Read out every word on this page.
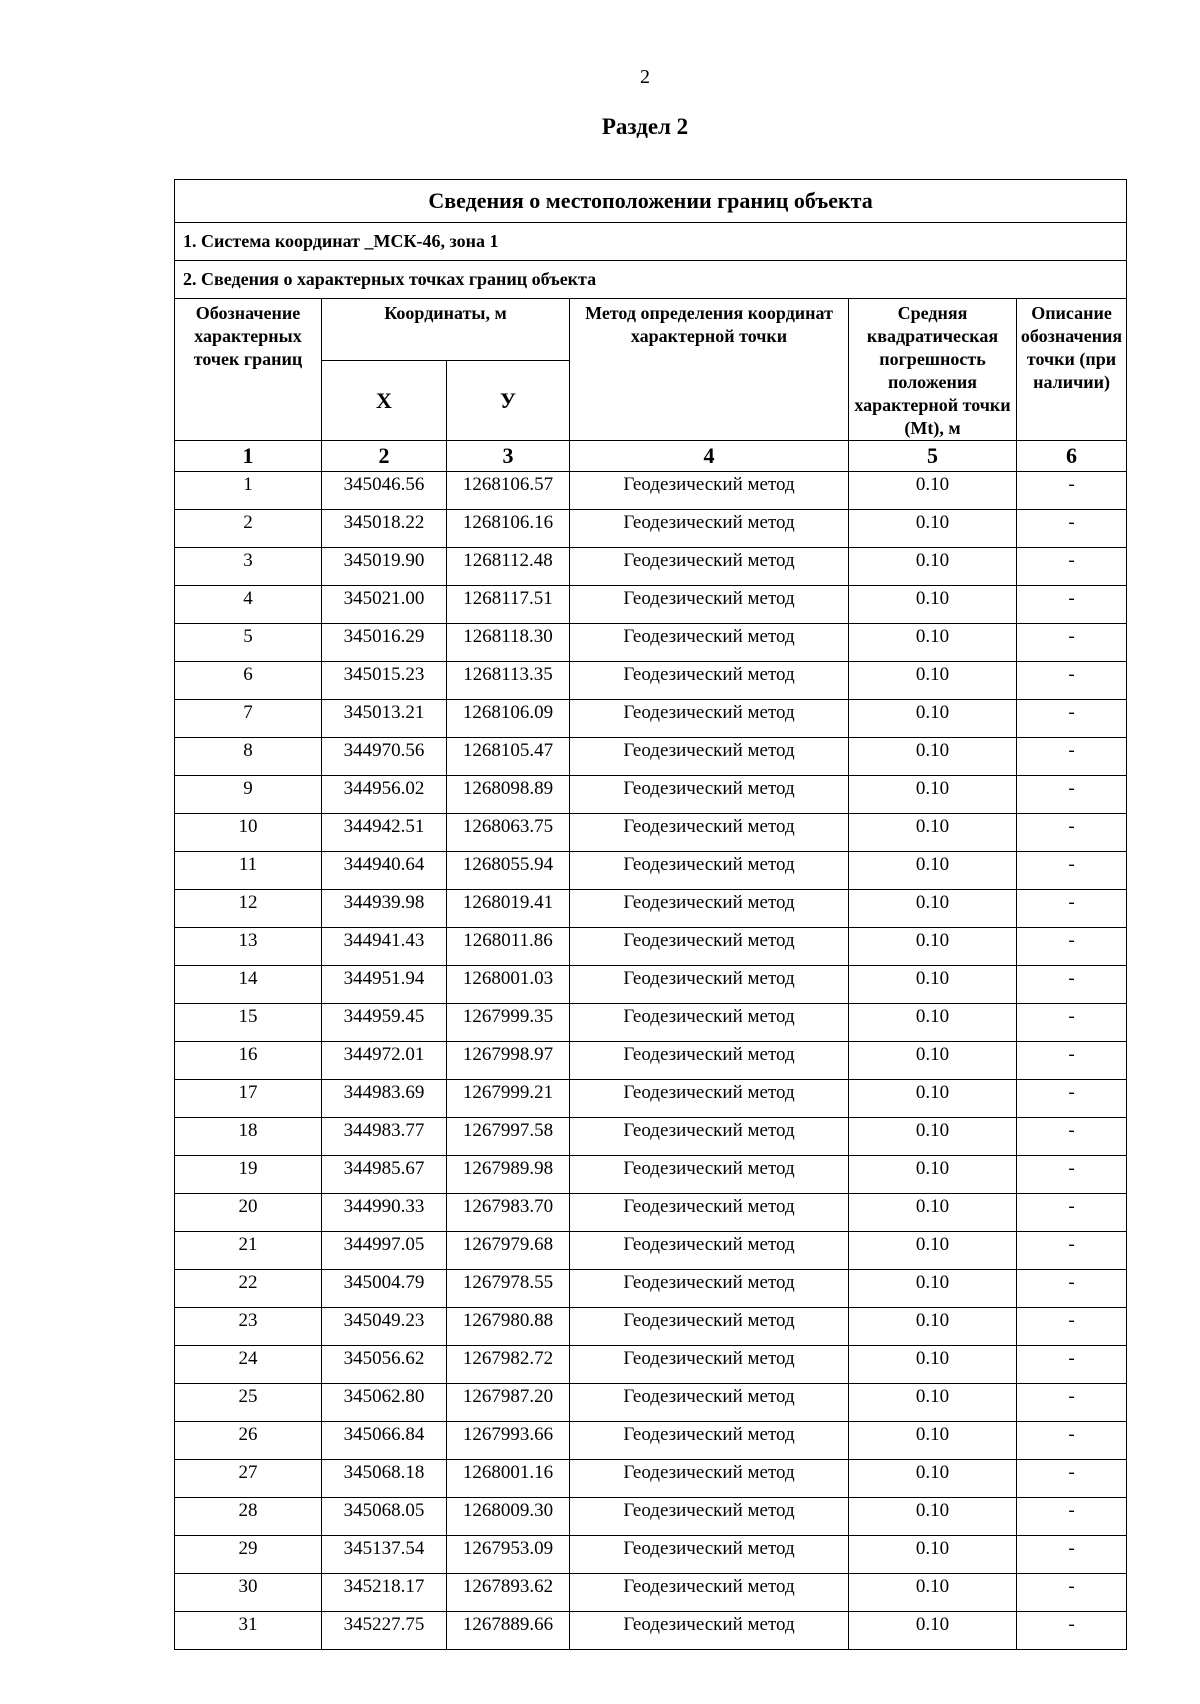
2
Раздел 2
Сведения о местоположении границ объекта					
1. Система координат _МСК-46, зона 1					
2. Сведения о характерных точках границ объекта					
Обозначение характерных точек границ	Координаты, м		Метод определения координат характерной точки	Средняя квадратическая погрешность положения характерной точки (Mt), м	Описание обозначения точки (при наличии)
	X	У			
1	2	3	4	5	6
1	345046.56	1268106.57	Геодезический метод	0.10	-
2	345018.22	1268106.16	Геодезический метод	0.10	-
3	345019.90	1268112.48	Геодезический метод	0.10	-
4	345021.00	1268117.51	Геодезический метод	0.10	-
5	345016.29	1268118.30	Геодезический метод	0.10	-
6	345015.23	1268113.35	Геодезический метод	0.10	-
7	345013.21	1268106.09	Геодезический метод	0.10	-
8	344970.56	1268105.47	Геодезический метод	0.10	-
9	344956.02	1268098.89	Геодезический метод	0.10	-
10	344942.51	1268063.75	Геодезический метод	0.10	-
11	344940.64	1268055.94	Геодезический метод	0.10	-
12	344939.98	1268019.41	Геодезический метод	0.10	-
13	344941.43	1268011.86	Геодезический метод	0.10	-
14	344951.94	1268001.03	Геодезический метод	0.10	-
15	344959.45	1267999.35	Геодезический метод	0.10	-
16	344972.01	1267998.97	Геодезический метод	0.10	-
17	344983.69	1267999.21	Геодезический метод	0.10	-
18	344983.77	1267997.58	Геодезический метод	0.10	-
19	344985.67	1267989.98	Геодезический метод	0.10	-
20	344990.33	1267983.70	Геодезический метод	0.10	-
21	344997.05	1267979.68	Геодезический метод	0.10	-
22	345004.79	1267978.55	Геодезический метод	0.10	-
23	345049.23	1267980.88	Геодезический метод	0.10	-
24	345056.62	1267982.72	Геодезический метод	0.10	-
25	345062.80	1267987.20	Геодезический метод	0.10	-
26	345066.84	1267993.66	Геодезический метод	0.10	-
27	345068.18	1268001.16	Геодезический метод	0.10	-
28	345068.05	1268009.30	Геодезический метод	0.10	-
29	345137.54	1267953.09	Геодезический метод	0.10	-
30	345218.17	1267893.62	Геодезический метод	0.10	-
31	345227.75	1267889.66	Геодезический метод	0.10	-
